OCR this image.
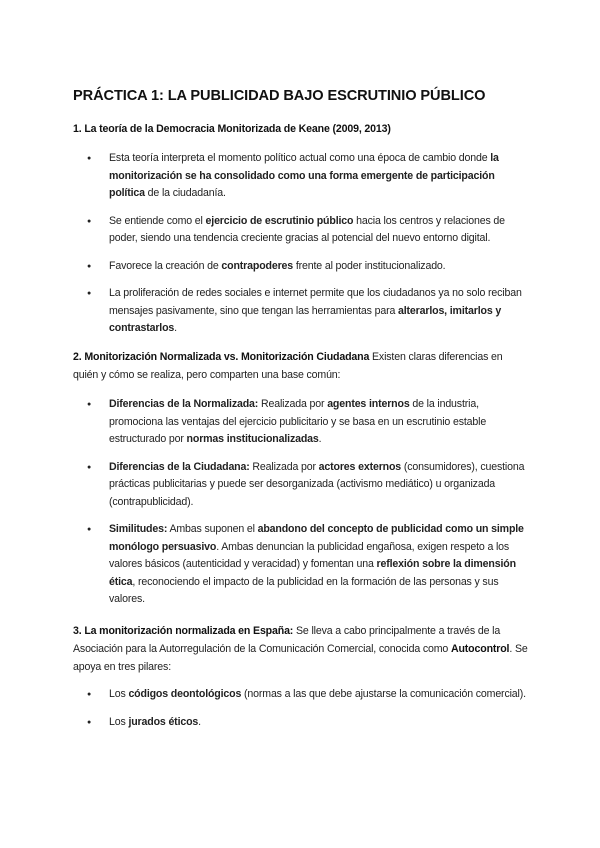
PRÁCTICA 1: LA PUBLICIDAD BAJO ESCRUTINIO PÚBLICO
1. La teoría de la Democracia Monitorizada de Keane (2009, 2013)
● Esta teoría interpreta el momento político actual como una época de cambio donde la monitorización se ha consolidado como una forma emergente de participación política de la ciudadanía.
● Se entiende como el ejercicio de escrutinio público hacia los centros y relaciones de poder, siendo una tendencia creciente gracias al potencial del nuevo entorno digital.
● Favorece la creación de contrapoderes frente al poder institucionalizado.
● La proliferación de redes sociales e internet permite que los ciudadanos ya no solo reciban mensajes pasivamente, sino que tengan las herramientas para alterarlos, imitarlos y contrastarlos.
2. Monitorización Normalizada vs. Monitorización Ciudadana Existen claras diferencias en quién y cómo se realiza, pero comparten una base común:
● Diferencias de la Normalizada: Realizada por agentes internos de la industria, promociona las ventajas del ejercicio publicitario y se basa en un escrutinio estable estructurado por normas institucionalizadas.
● Diferencias de la Ciudadana: Realizada por actores externos (consumidores), cuestiona prácticas publicitarias y puede ser desorganizada (activismo mediático) u organizada (contrapublicidad).
● Similitudes: Ambas suponen el abandono del concepto de publicidad como un simple monólogo persuasivo. Ambas denuncian la publicidad engañosa, exigen respeto a los valores básicos (autenticidad y veracidad) y fomentan una reflexión sobre la dimensión ética, reconociendo el impacto de la publicidad en la formación de las personas y sus valores.
3. La monitorización normalizada en España: Se lleva a cabo principalmente a través de la Asociación para la Autorregulación de la Comunicación Comercial, conocida como Autocontrol. Se apoya en tres pilares:
● Los códigos deontológicos (normas a las que debe ajustarse la comunicación comercial).
● Los jurados éticos.
